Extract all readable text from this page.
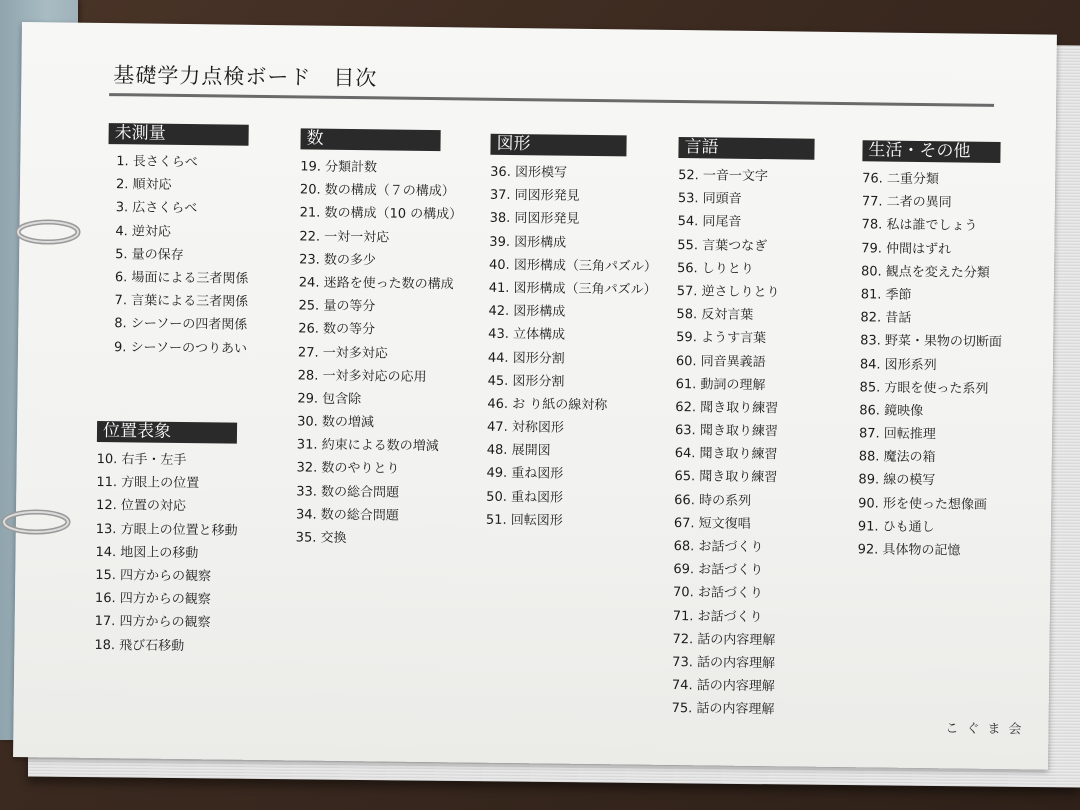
基礎学力点検ボード　目次
未測量
1. 長さくらべ
2. 順対応
3. 広さくらべ
4. 逆対応
5. 量の保存
6. 場面による三者関係
7. 言葉による三者関係
8. シーソーの四者関係
9. シーソーのつりあい
位置表象
10. 右手・左手
11. 方眼上の位置
12. 位置の対応
13. 方眼上の位置と移動
14. 地図上の移動
15. 四方からの観察
16. 四方からの観察
17. 四方からの観察
18. 飛び石移動
数
19. 分類計数
20. 数の構成（７の構成）
21. 数の構成（10 の構成）
22. 一対一対応
23. 数の多少
24. 迷路を使った数の構成
25. 量の等分
26. 数の等分
27. 一対多対応
28. 一対多対応の応用
29. 包含除
30. 数の増減
31. 約束による数の増減
32. 数のやりとり
33. 数の総合問題
34. 数の総合問題
35. 交換
図形
36. 図形模写
37. 同図形発見
38. 同図形発見
39. 図形構成
40. 図形構成（三角パズル）
41. 図形構成（三角パズル）
42. 図形構成
43. 立体構成
44. 図形分割
45. 図形分割
46. お り紙の線対称
47. 対称図形
48. 展開図
49. 重ね図形
50. 重ね図形
51. 回転図形
言語
52. 一音一文字
53. 同頭音
54. 同尾音
55. 言葉つなぎ
56. しりとり
57. 逆さしりとり
58. 反対言葉
59. ようす言葉
60. 同音異義語
61. 動詞の理解
62. 聞き取り練習
63. 聞き取り練習
64. 聞き取り練習
65. 聞き取り練習
66. 時の系列
67. 短文復唱
68. お話づくり
69. お話づくり
70. お話づくり
71. お話づくり
72. 話の内容理解
73. 話の内容理解
74. 話の内容理解
75. 話の内容理解
生活・その他
76. 二重分類
77. 二者の異同
78. 私は誰でしょう
79. 仲間はずれ
80. 観点を変えた分類
81. 季節
82. 昔話
83. 野菜・果物の切断面
84. 図形系列
85. 方眼を使った系列
86. 鏡映像
87. 回転推理
88. 魔法の箱
89. 線の模写
90. 形を使った想像画
91. ひも通し
92. 具体物の記憶
こぐま会
